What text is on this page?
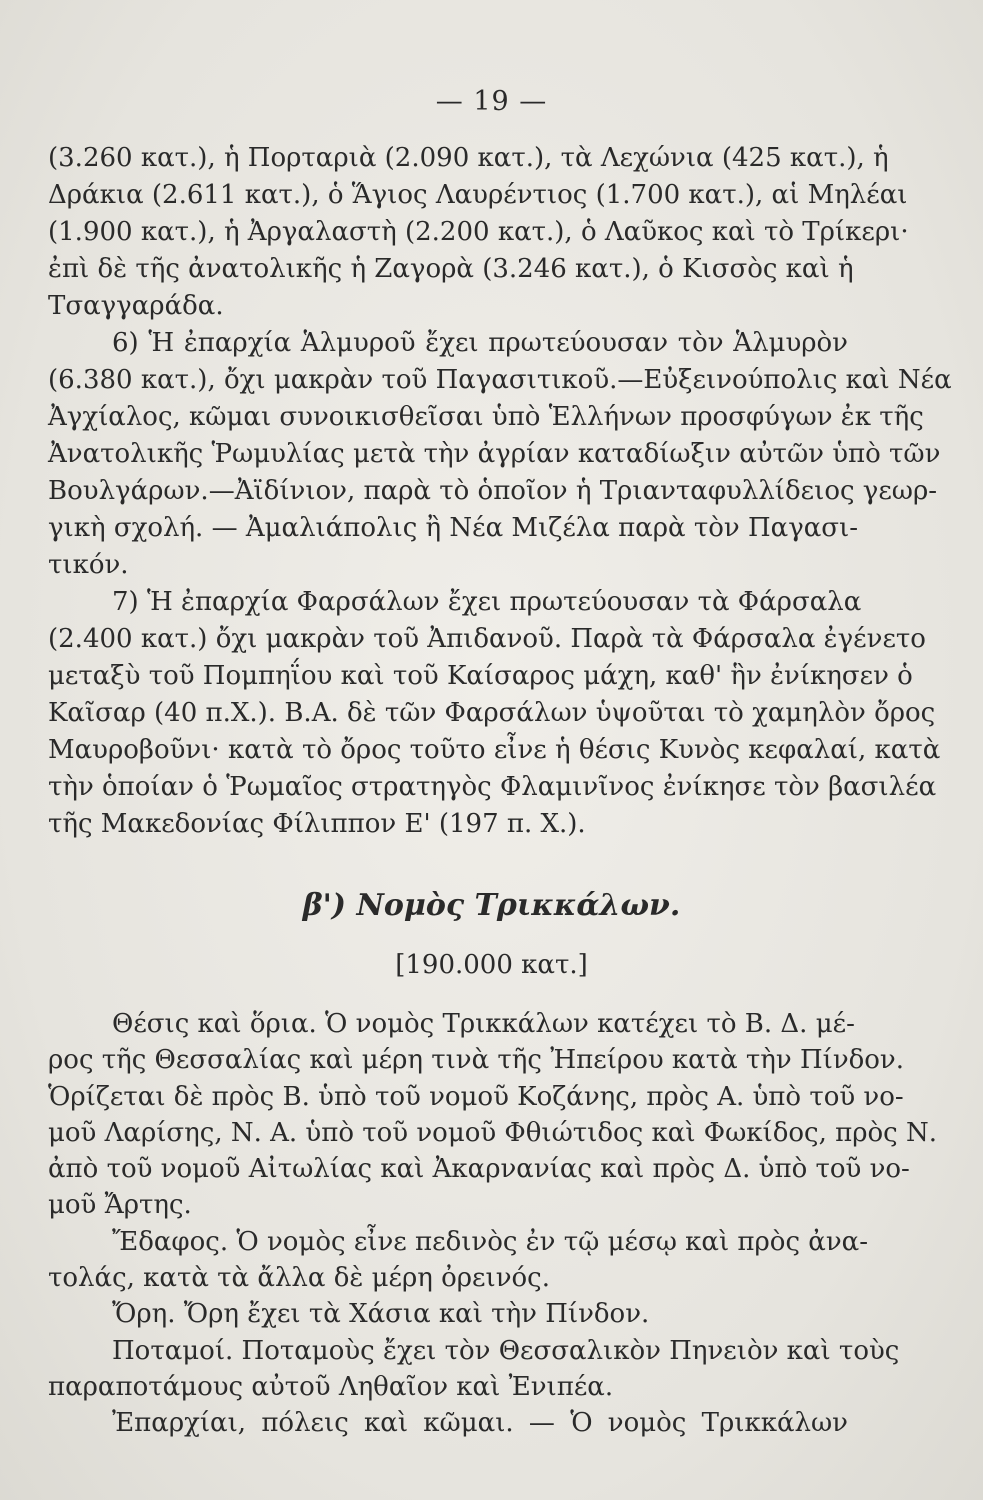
— 19 —
(3.260 κατ.), ἡ Πορταριὰ (2.090 κατ.), τὰ Λεχώνια (425 κατ.), ἡ
Δράκια (2.611 κατ.), ὁ Ἅγιος Λαυρέντιος (1.700 κατ.), αἱ Μηλέαι
(1.900 κατ.), ἡ Ἀργαλαστὴ (2.200 κατ.), ὁ Λαῦκος καὶ τὸ Τρίκερι·
ἐπὶ δὲ τῆς ἀνατολικῆς ἡ Ζαγορὰ (3.246 κατ.), ὁ Κισσὸς καὶ ἡ
Τσαγγαράδα.
6) Ἡ ἐπαρχία Ἁλμυροῦ ἔχει πρωτεύουσαν τὸν Ἁλμυρὸν
(6.380 κατ.), ὄχι μακρὰν τοῦ Παγασιτικοῦ.—Εὐξεινούπολις καὶ Νέα
Ἀγχίαλος, κῶμαι συνοικισθεῖσαι ὑπὸ Ἑλλήνων προσφύγων ἐκ τῆς
Ἀνατολικῆς Ῥωμυλίας μετὰ τὴν ἀγρίαν καταδίωξιν αὐτῶν ὑπὸ τῶν
Βουλγάρων.—Ἀϊδίνιον, παρὰ τὸ ὁποῖον ἡ Τριανταφυλλίδειος γεωρ-
γικὴ σχολή. — Ἀμαλιάπολις ἢ Νέα Μιζέλα παρὰ τὸν Παγασι-
τικόν.
7) Ἡ ἐπαρχία Φαρσάλων ἔχει πρωτεύουσαν τὰ Φάρσαλα
(2.400 κατ.) ὄχι μακρὰν τοῦ Ἀπιδανοῦ. Παρὰ τὰ Φάρσαλα ἐγένετο
μεταξὺ τοῦ Πομπηΐου καὶ τοῦ Καίσαρος μάχη, καθ' ἣν ἐνίκησεν ὁ
Καῖσαρ (40 π.Χ.). Β.Α. δὲ τῶν Φαρσάλων ὑψοῦται τὸ χαμηλὸν ὄρος
Μαυροβοῦνι· κατὰ τὸ ὄρος τοῦτο εἶνε ἡ θέσις Κυνὸς κεφαλαί, κατὰ
τὴν ὁποίαν ὁ Ῥωμαῖος στρατηγὸς Φλαμινῖνος ἐνίκησε τὸν βασιλέα
τῆς Μακεδονίας Φίλιππον Ε' (197 π. Χ.).
β') Νομὸς Τρικκάλων.
[190.000 κατ.]
Θέσις καὶ ὅρια. Ὁ νομὸς Τρικκάλων κατέχει τὸ Β. Δ. μέ-
ρος τῆς Θεσσαλίας καὶ μέρη τινὰ τῆς Ἠπείρου κατὰ τὴν Πίνδον.
Ὁρίζεται δὲ πρὸς Β. ὑπὸ τοῦ νομοῦ Κοζάνης, πρὸς Α. ὑπὸ τοῦ νο-
μοῦ Λαρίσης, Ν. Α. ὑπὸ τοῦ νομοῦ Φθιώτιδος καὶ Φωκίδος, πρὸς Ν.
ἀπὸ τοῦ νομοῦ Αἰτωλίας καὶ Ἀκαρνανίας καὶ πρὸς Δ. ὑπὸ τοῦ νο-
μοῦ Ἄρτης.
Ἔδαφος. Ὁ νομὸς εἶνε πεδινὸς ἐν τῷ μέσῳ καὶ πρὸς ἀνα-
τολάς, κατὰ τὰ ἄλλα δὲ μέρη ὀρεινός.
Ὄρη. Ὄρη ἔχει τὰ Χάσια καὶ τὴν Πίνδον.
Ποταμοί. Ποταμοὺς ἔχει τὸν Θεσσαλικὸν Πηνειὸν καὶ τοὺς
παραποτάμους αὐτοῦ Ληθαῖον καὶ Ἐνιπέα.
Ἐπαρχίαι, πόλεις καὶ κῶμαι. — Ὁ νομὸς Τρικκάλων
